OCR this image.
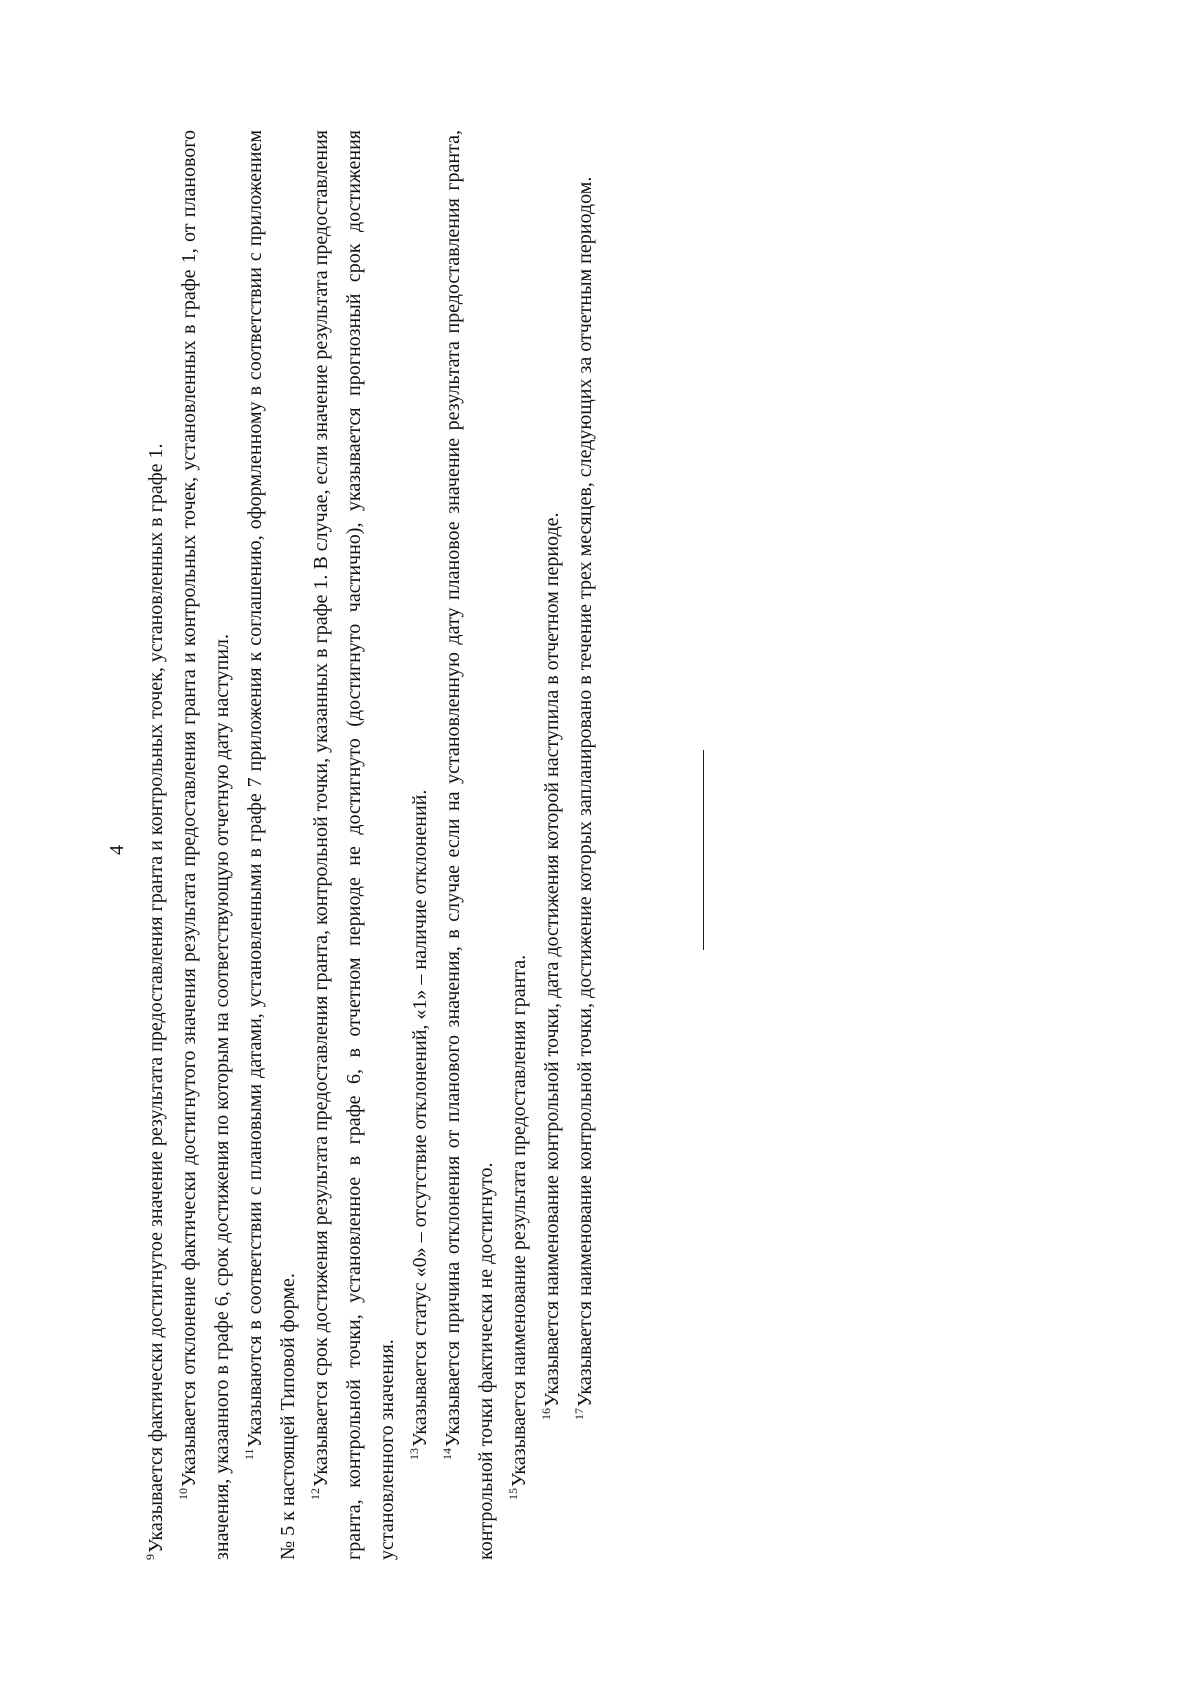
4

$^9$Указывается фактически достигнутое значение результата предоставления гранта и контрольных точек, установленных в графе 1. $^{10}$Указывается отклонение фактически достигнутого значения результата предоставления гранта и контрольных точек, установленных в графе 1, от планового значения, указанного в графе 6, срок достижения по которым на соответствующую отчетную дату наступил. $^{11}$Указываются в соответствии с плановыми датами, установленными в графе 7 приложения к соглашению, оформленному в соответствии с приложением № 5 к настоящей Типовой форме. $^{12}$Указывается срок достижения результата предоставления гранта, контрольной точки, указанных в графе 1. В случае, если значение результата предоставления гранта, контрольной точки, установленное в графе 6, в отчетном периоде не достигнуто (достигнуто частично), указывается прогнозный срок достижения установленного значения. $^{13}$Указывается статус «0» – отсутствие отклонений, «1» – наличие отклонений.

$^{14}$Указывается причина отклонения от планового значения, в случае если на установленную дату плановое значение результата предоставления гранта, контрольной точки фактически не достигнуто. $^{15}$Указывается наименование результата предоставления гранта. $^{16}$Указывается наименование контрольной точки, дата достижения которой наступила в отчетном периоде.

$^{17}$Указывается наименование контрольной точки, достижение которых запланировано в течение трех месяцев, следующих за отчетным периодом.
